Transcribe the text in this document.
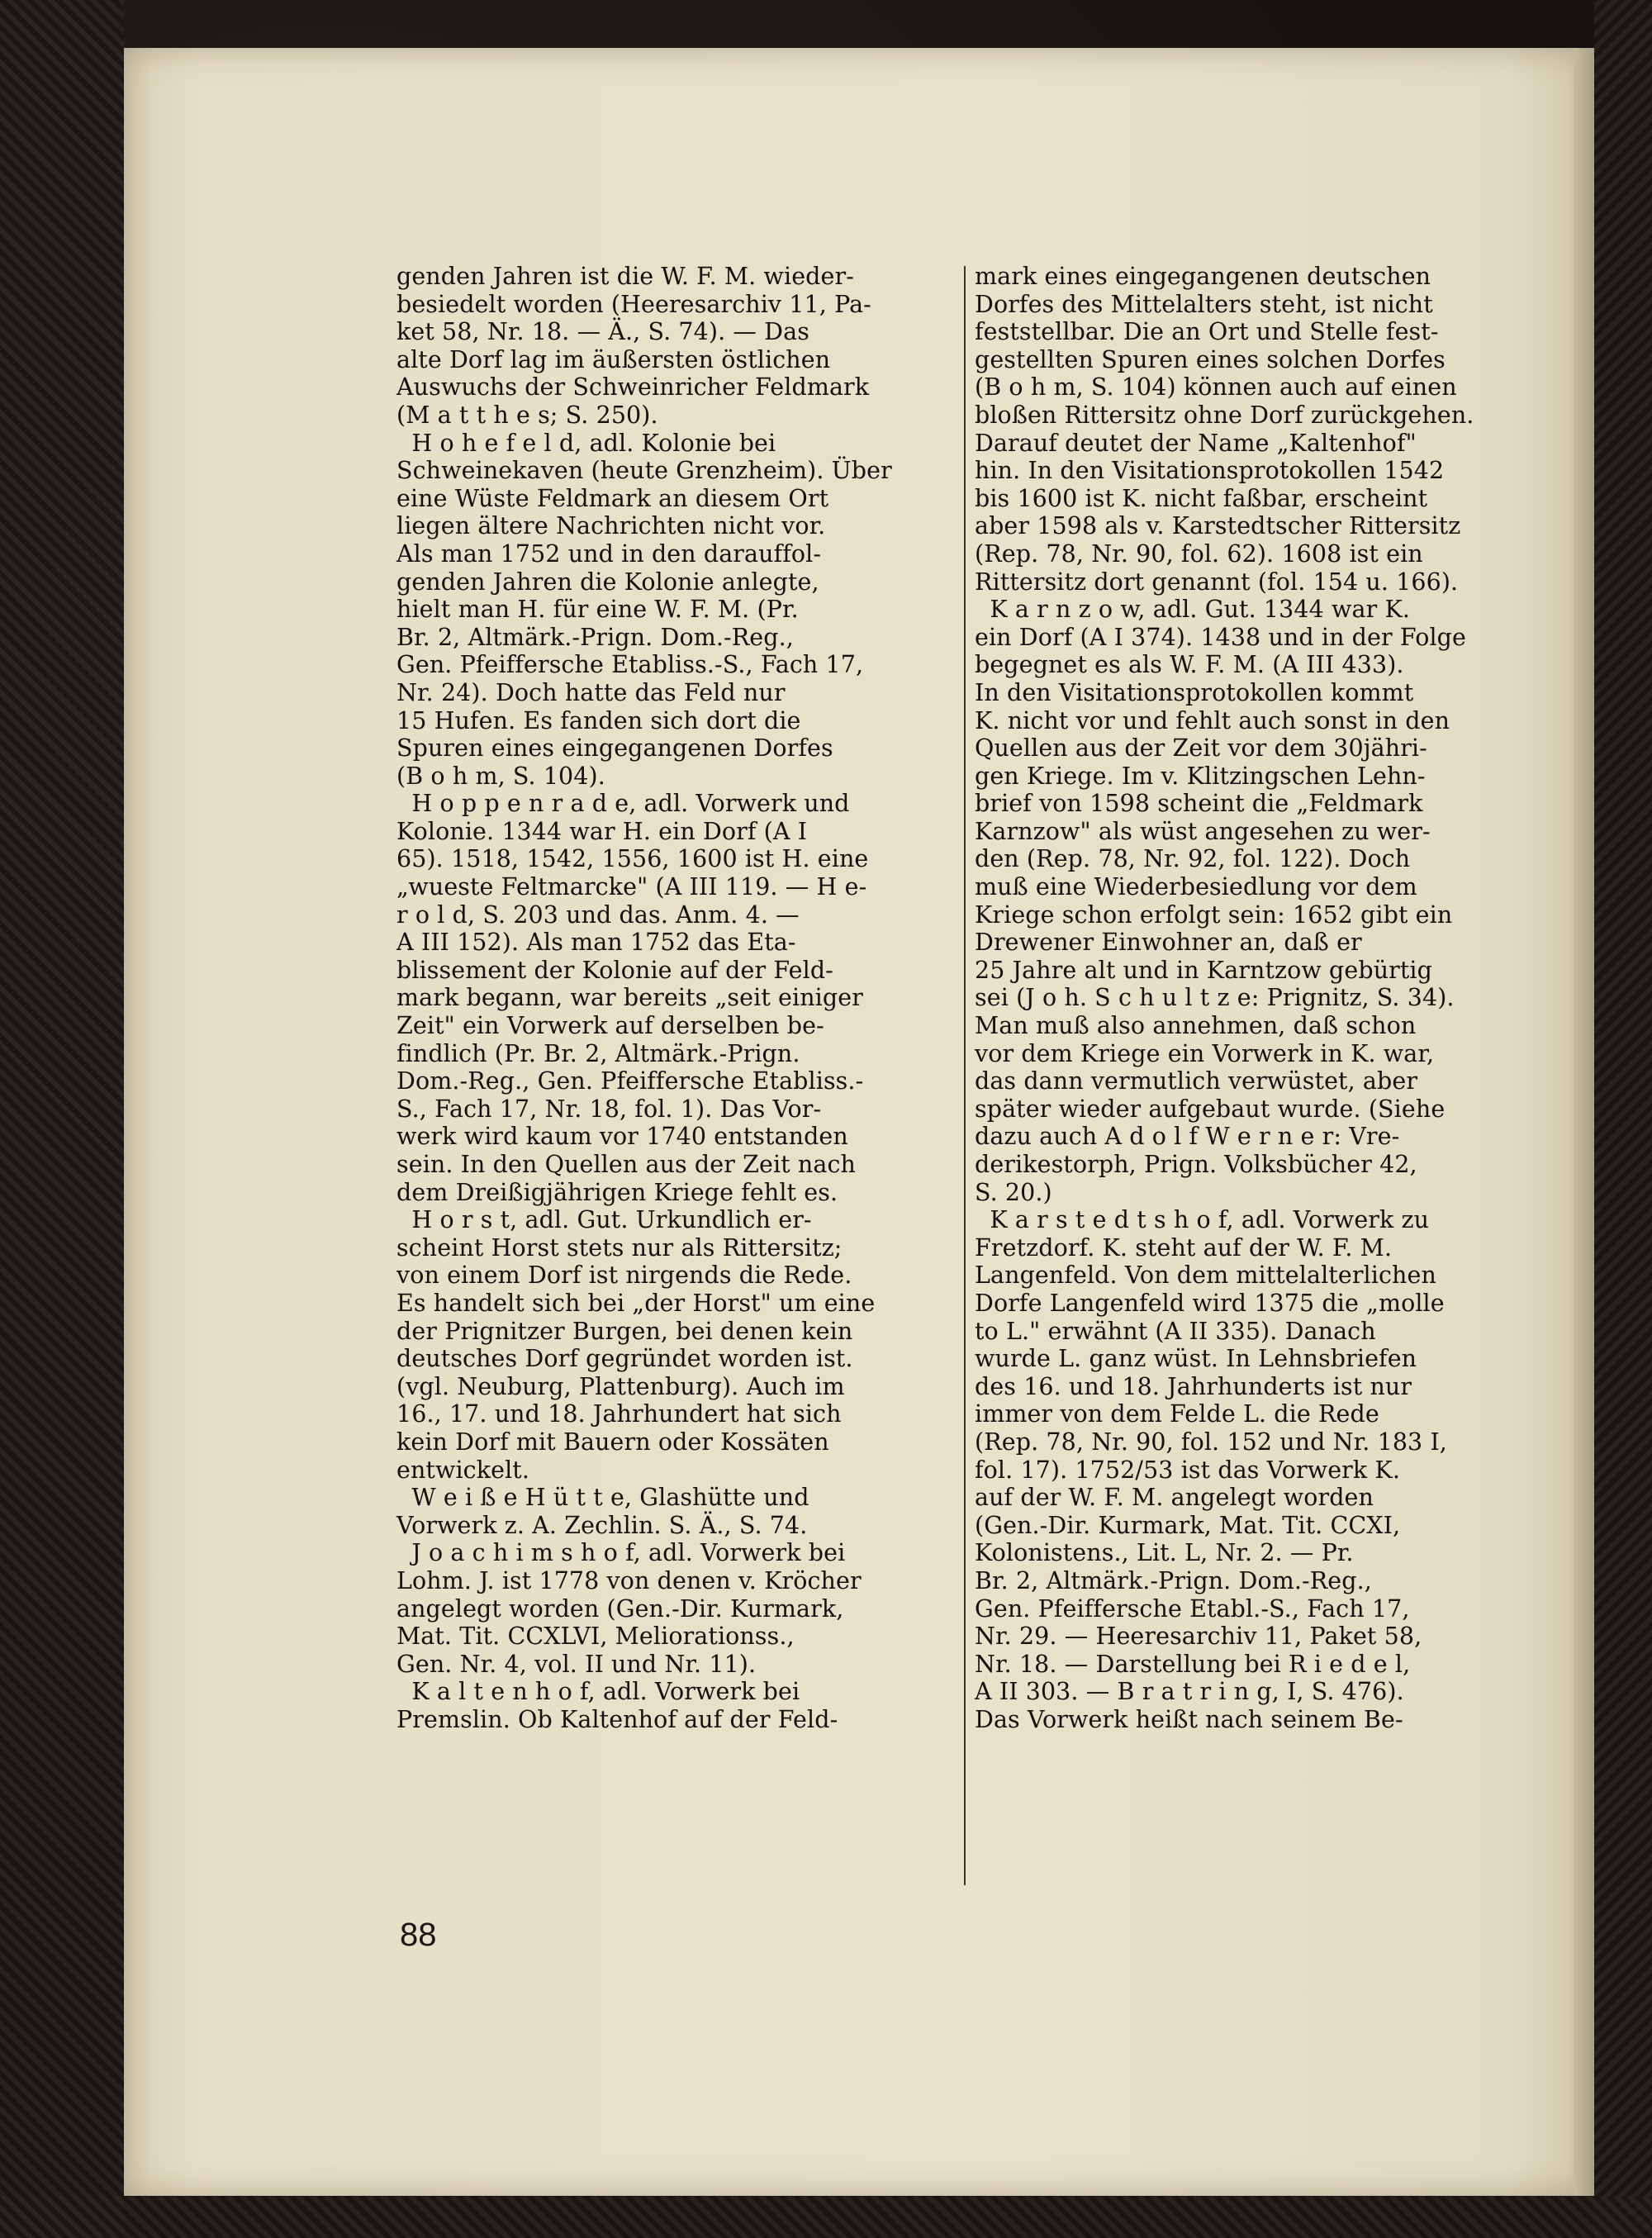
genden Jahren ist die W. F. M. wieder-
besiedelt worden (Heeresarchiv 11, Pa-
ket 58, Nr. 18. — Ä., S. 74). — Das
alte Dorf lag im äußersten östlichen
Auswuchs der Schweinricher Feldmark
(M a t t h e s; S. 250).
H o h e f e l d, adl. Kolonie bei
Schweinekaven (heute Grenzheim). Über
eine Wüste Feldmark an diesem Ort
liegen ältere Nachrichten nicht vor.
Als man 1752 und in den darauffol-
genden Jahren die Kolonie anlegte,
hielt man H. für eine W. F. M. (Pr.
Br. 2, Altmärk.-Prign. Dom.-Reg.,
Gen. Pfeiffersche Etabliss.-S., Fach 17,
Nr. 24). Doch hatte das Feld nur
15 Hufen. Es fanden sich dort die
Spuren eines eingegangenen Dorfes
(B o h m, S. 104).
H o p p e n r a d e, adl. Vorwerk und
Kolonie. 1344 war H. ein Dorf (A I
65). 1518, 1542, 1556, 1600 ist H. eine
„wueste Feltmarcke" (A III 119. — H e-
r o l d, S. 203 und das. Anm. 4. —
A III 152). Als man 1752 das Eta-
blissement der Kolonie auf der Feld-
mark begann, war bereits „seit einiger
Zeit" ein Vorwerk auf derselben be-
findlich (Pr. Br. 2, Altmärk.-Prign.
Dom.-Reg., Gen. Pfeiffersche Etabliss.-
S., Fach 17, Nr. 18, fol. 1). Das Vor-
werk wird kaum vor 1740 entstanden
sein. In den Quellen aus der Zeit nach
dem Dreißigjährigen Kriege fehlt es.
H o r s t, adl. Gut. Urkundlich er-
scheint Horst stets nur als Rittersitz;
von einem Dorf ist nirgends die Rede.
Es handelt sich bei „der Horst" um eine
der Prignitzer Burgen, bei denen kein
deutsches Dorf gegründet worden ist.
(vgl. Neuburg, Plattenburg). Auch im
16., 17. und 18. Jahrhundert hat sich
kein Dorf mit Bauern oder Kossäten
entwickelt.
W e i ß e H ü t t e, Glashütte und
Vorwerk z. A. Zechlin. S. Ä., S. 74.
J o a c h i m s h o f, adl. Vorwerk bei
Lohm. J. ist 1778 von denen v. Kröcher
angelegt worden (Gen.-Dir. Kurmark,
Mat. Tit. CCXLVI, Meliorationss.,
Gen. Nr. 4, vol. II und Nr. 11).
K a l t e n h o f, adl. Vorwerk bei
Premslin. Ob Kaltenhof auf der Feld-

mark eines eingegangenen deutschen
Dorfes des Mittelalters steht, ist nicht
feststellbar. Die an Ort und Stelle fest-
gestellten Spuren eines solchen Dorfes
(B o h m, S. 104) können auch auf einen
bloßen Rittersitz ohne Dorf zurückgehen.
Darauf deutet der Name „Kaltenhof"
hin. In den Visitationsprotokollen 1542
bis 1600 ist K. nicht faßbar, erscheint
aber 1598 als v. Karstedtscher Rittersitz
(Rep. 78, Nr. 90, fol. 62). 1608 ist ein
Rittersitz dort genannt (fol. 154 u. 166).
K a r n z o w, adl. Gut. 1344 war K.
ein Dorf (A I 374). 1438 und in der Folge
begegnet es als W. F. M. (A III 433).
In den Visitationsprotokollen kommt
K. nicht vor und fehlt auch sonst in den
Quellen aus der Zeit vor dem 30jähri-
gen Kriege. Im v. Klitzingschen Lehn-
brief von 1598 scheint die „Feldmark
Karnzow" als wüst angesehen zu wer-
den (Rep. 78, Nr. 92, fol. 122). Doch
muß eine Wiederbesiedlung vor dem
Kriege schon erfolgt sein: 1652 gibt ein
Drewener Einwohner an, daß er
25 Jahre alt und in Karntzow gebürtig
sei (J o h. S c h u l t z e: Prignitz, S. 34).
Man muß also annehmen, daß schon
vor dem Kriege ein Vorwerk in K. war,
das dann vermutlich verwüstet, aber
später wieder aufgebaut wurde. (Siehe
dazu auch A d o l f W e r n e r: Vre-
derikestorph, Prign. Volksbücher 42,
S. 20.)
K a r s t e d t s h o f, adl. Vorwerk zu
Fretzdorf. K. steht auf der W. F. M.
Langenfeld. Von dem mittelalterlichen
Dorfe Langenfeld wird 1375 die „molle
to L." erwähnt (A II 335). Danach
wurde L. ganz wüst. In Lehnsbriefen
des 16. und 18. Jahrhunderts ist nur
immer von dem Felde L. die Rede
(Rep. 78, Nr. 90, fol. 152 und Nr. 183 I,
fol. 17). 1752/53 ist das Vorwerk K.
auf der W. F. M. angelegt worden
(Gen.-Dir. Kurmark, Mat. Tit. CCXI,
Kolonistens., Lit. L, Nr. 2. — Pr.
Br. 2, Altmärk.-Prign. Dom.-Reg.,
Gen. Pfeiffersche Etabl.-S., Fach 17,
Nr. 29. — Heeresarchiv 11, Paket 58,
Nr. 18. — Darstellung bei R i e d e l,
A II 303. — B r a t r i n g, I, S. 476).
Das Vorwerk heißt nach seinem Be-

88
